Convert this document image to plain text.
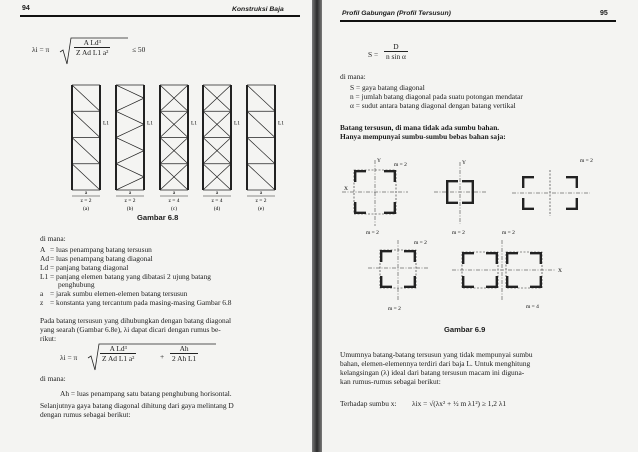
94	Konstruksi Baja
λi = π	$\frac{\text{A Ld³}}{\text{Z Ad L1 a²}}$	≤ 50
L1
a
z = 2
(a)
L1
a
z = 2
(b)
L1
a
z = 4
(c)
L1
a
z = 4
(d)
L1
a
z = 2
(e)
Gambar 6.8
di mana:
A = luas penampang batang tersusun
Ad = luas penampang batang diagonal
Ld = panjang batang diagonal
L1 = panjang elemen batang yang dibatasi 2 ujung batang
penghubung
a = jarak sumbu elemen-elemen batang tersusun
z = konstanta yang tercantum pada masing-masing Gambar 6.8
Pada batang tersusun yang dihubungkan dengan batang diagonal
yang searah (Gambar 6.8e), λi dapat dicari dengan rumus be-
rikut:
λi = π	$\frac{\text{A Ld³}}{\text{Z Ad L1 a²}}$	+ $\frac{Ah}{\text{2 Ah L1}}$
di mana:
Ah = luas penampang satu batang penghubung horisontal.
Selanjutnya gaya batang diagonal dihitung dari gaya melintang D
dengan rumus sebagai berikut:
Profil Gabungan (Profil Tersusun)	95
$S = \frac{D}{\text{n sin α}}$
di mana:
S = gaya batang diagonal
n = jumlah batang diagonal pada suatu potongan mendatar
α = sudut antara batang diagonal dengan batang vertikal
Batang tersusun, di mana tidak ada sumbu bahan.
Hanya mempunyai sumbu-sumbu bebas bahan saja:
X
Y
m = 2
m = 2
Y
m = 2
m = 2
m = 2
m = 2
m = 2
X
m = 4
Gambar 6.9
Umumnya batang-batang tersusun yang tidak mempunyai sumbu
bahan, elemen-elemennya terdiri dari baja L. Untuk menghitung
kelangsingan (λ) ideal dari batang tersusun macam ini diguna-
kan rumus-rumus sebagai berikut:
Terhadap sumbu x: λix = √(λx² + ½ m λ1²) ≥ 1,2 λ1
